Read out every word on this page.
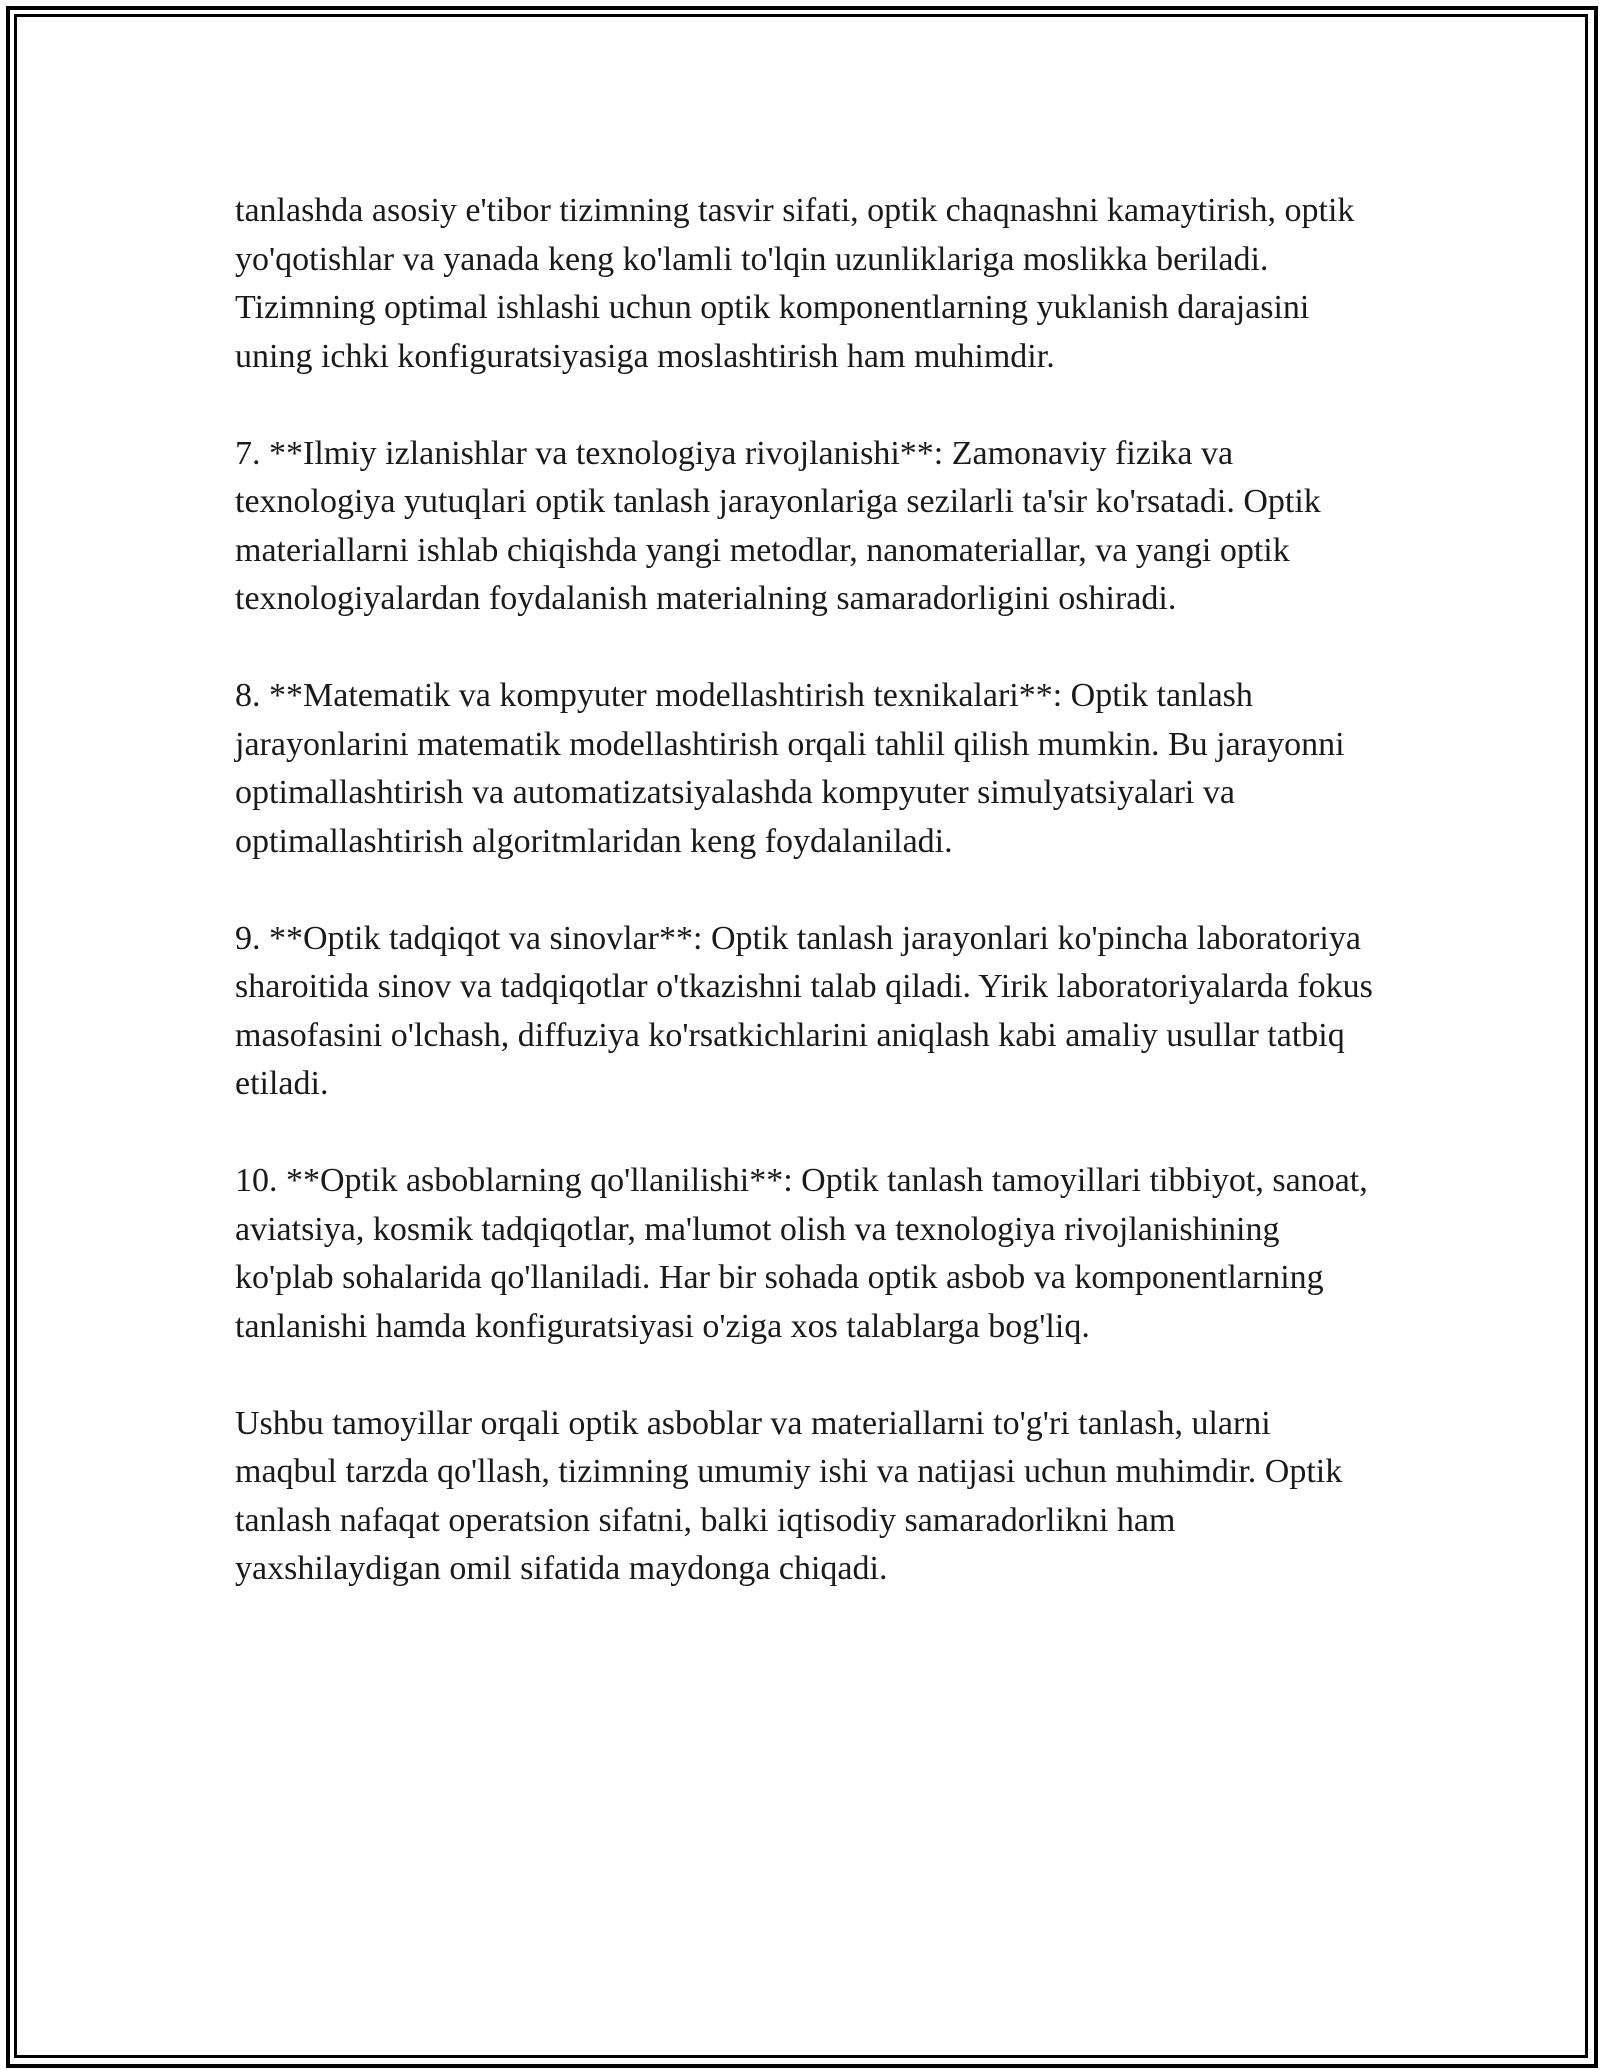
tanlashda asosiy e'tibor tizimning tasvir sifati, optik chaqnashni kamaytirish, optik yo'qotishlar va yanada keng ko'lamli to'lqin uzunliklariga moslikka beriladi. Tizimning optimal ishlashi uchun optik komponentlarning yuklanish darajasini uning ichki konfiguratsiyasiga moslashtirish ham muhimdir.

7. **Ilmiy izlanishlar va texnologiya rivojlanishi**: Zamonaviy fizika va texnologiya yutuqlari optik tanlash jarayonlariga sezilarli ta'sir ko'rsatadi. Optik materiallarni ishlab chiqishda yangi metodlar, nanomateriallar, va yangi optik texnologiyalardan foydalanish materialning samaradorligini oshiradi.

8. **Matematik va kompyuter modellashtirish texnikalari**: Optik tanlash jarayonlarini matematik modellashtirish orqali tahlil qilish mumkin. Bu jarayonni optimallashtirish va automatizatsiyalashda kompyuter simulyatsiyalari va optimallashtirish algoritmlaridan keng foydalaniladi.

9. **Optik tadqiqot va sinovlar**: Optik tanlash jarayonlari ko'pincha laboratoriya sharoitida sinov va tadqiqotlar o'tkazishni talab qiladi. Yirik laboratoriyalarda fokus masofasini o'lchash, diffuziya ko'rsatkichlarini aniqlash kabi amaliy usullar tatbiq etiladi.

10. **Optik asboblarning qo'llanilishi**: Optik tanlash tamoyillari tibbiyot, sanoat, aviatsiya, kosmik tadqiqotlar, ma'lumot olish va texnologiya rivojlanishining ko'plab sohalarida qo'llaniladi. Har bir sohada optik asbob va komponentlarning tanlanishi hamda konfiguratsiyasi o'ziga xos talablarga bog'liq.

Ushbu tamoyillar orqali optik asboblar va materiallarni to'g'ri tanlash, ularni maqbul tarzda qo'llash, tizimning umumiy ishi va natijasi uchun muhimdir. Optik tanlash nafaqat operatsion sifatni, balki iqtisodiy samaradorlikni ham yaxshilaydigan omil sifatida maydonga chiqadi.
